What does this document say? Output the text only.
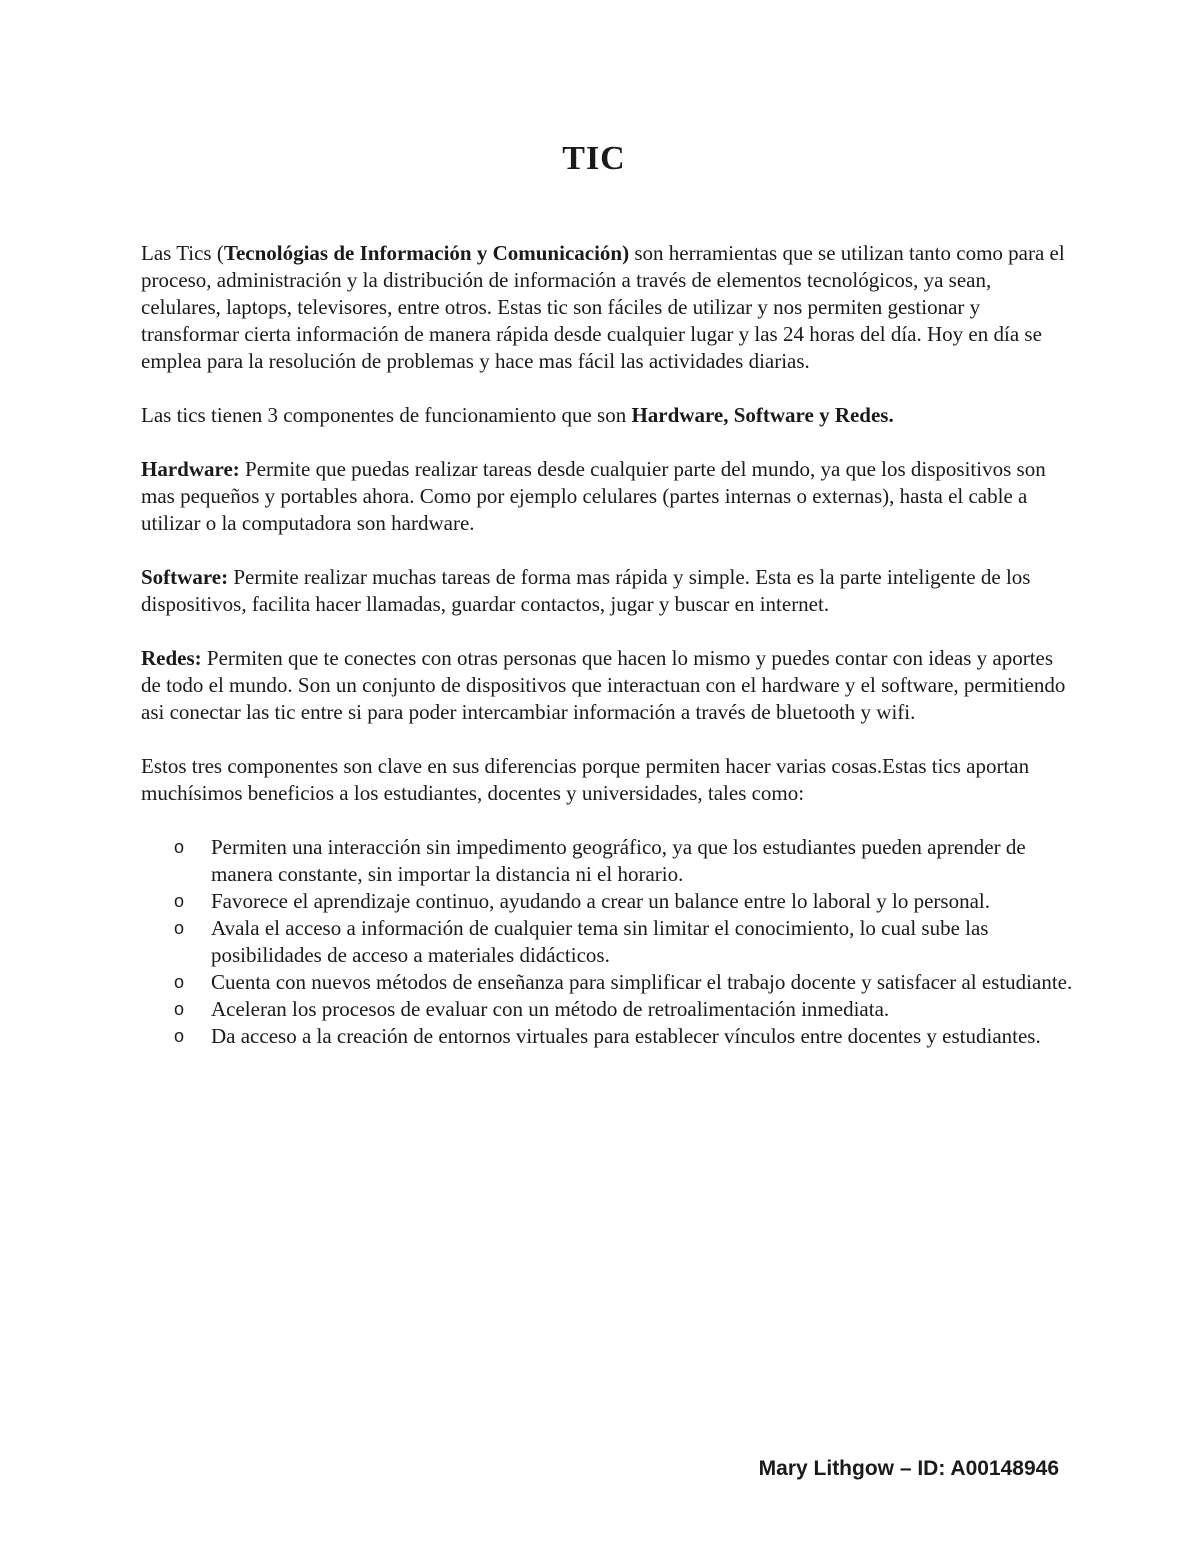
TIC

Las Tics (Tecnológias de Información y Comunicación) son herramientas que se utilizan tanto como para el proceso, administración y la distribución de información a través de elementos tecnológicos, ya sean, celulares, laptops, televisores, entre otros. Estas tic son fáciles de utilizar y nos permiten gestionar y transformar cierta información de manera rápida desde cualquier lugar y las 24 horas del día. Hoy en día se emplea para la resolución de problemas y hace mas fácil las actividades diarias.

Las tics tienen 3 componentes de funcionamiento que son Hardware, Software y Redes.

Hardware: Permite que puedas realizar tareas desde cualquier parte del mundo, ya que los dispositivos son mas pequeños y portables ahora. Como por ejemplo celulares (partes internas o externas), hasta el cable a utilizar o la computadora son hardware.

Software: Permite realizar muchas tareas de forma mas rápida y simple. Esta es la parte inteligente de los dispositivos, facilita hacer llamadas, guardar contactos, jugar y buscar en internet.

Redes: Permiten que te conectes con otras personas que hacen lo mismo y puedes contar con ideas y aportes de todo el mundo. Son un conjunto de dispositivos que interactuan con el hardware y el software, permitiendo asi conectar las tic entre si para poder intercambiar información a través de bluetooth y wifi.

Estos tres componentes son clave en sus diferencias porque permiten hacer varias cosas.Estas tics aportan muchísimos beneficios a los estudiantes, docentes y universidades, tales como:

o Permiten una interacción sin impedimento geográfico, ya que los estudiantes pueden aprender de manera constante, sin importar la distancia ni el horario.
o Favorece el aprendizaje continuo, ayudando a crear un balance entre lo laboral y lo personal.
o Avala el acceso a información de cualquier tema sin limitar el conocimiento, lo cual sube las posibilidades de acceso a materiales didácticos.
o Cuenta con nuevos métodos de enseñanza para simplificar el trabajo docente y satisfacer al estudiante.
o Aceleran los procesos de evaluar con un método de retroalimentación inmediata.
o Da acceso a la creación de entornos virtuales para establecer vínculos entre docentes y estudiantes.
Mary Lithgow – ID: A00148946
